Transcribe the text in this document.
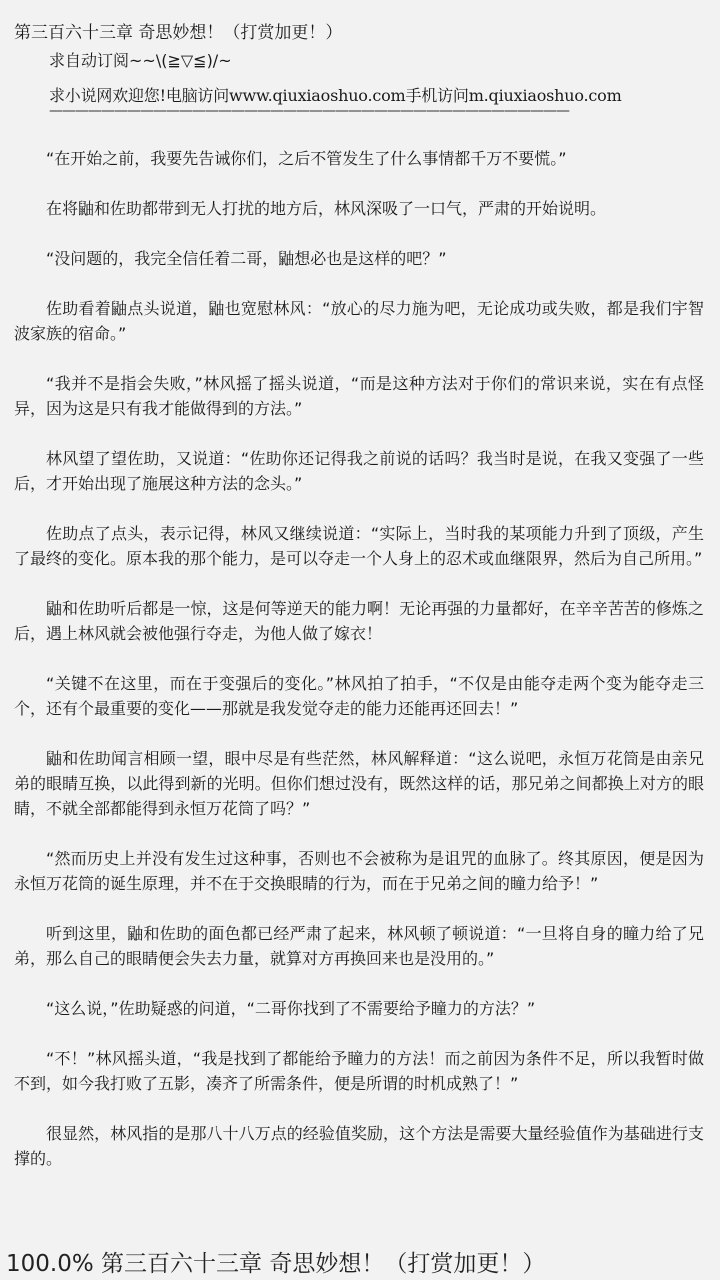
第三百六十三章 奇思妙想！（打赏加更！）
求自动订阅~~\(≧▽≦)/~
求小说网欢迎您!电脑访问www.qiuxiaoshuo.com手机访问m.qiuxiaoshuo.com
————————————————————————————————————————

“在开始之前，我要先告诫你们，之后不管发生了什么事情都千万不要慌。”

在将鼬和佐助都带到无人打扰的地方后，林风深吸了一口气，严肃的开始说明。

“没问题的，我完全信任着二哥，鼬想必也是这样的吧？”

佐助看着鼬点头说道，鼬也宽慰林风：“放心的尽力施为吧，无论成功或失败，都是我们宇智波家族的宿命。”

“我并不是指会失败，”林风摇了摇头说道，“而是这种方法对于你们的常识来说，实在有点怪异，因为这是只有我才能做得到的方法。”

林风望了望佐助，又说道：“佐助你还记得我之前说的话吗？我当时是说，在我又变强了一些后，才开始出现了施展这种方法的念头。”

佐助点了点头，表示记得，林风又继续说道：“实际上，当时我的某项能力升到了顶级，产生了最终的变化。原本我的那个能力，是可以夺走一个人身上的忍术或血继限界，然后为自己所用。”

鼬和佐助听后都是一惊，这是何等逆天的能力啊！无论再强的力量都好，在辛辛苦苦的修炼之后，遇上林风就会被他强行夺走，为他人做了嫁衣！

“关键不在这里，而在于变强后的变化。”林风拍了拍手，“不仅是由能夺走两个变为能夺走三个，还有个最重要的变化——那就是我发觉夺走的能力还能再还回去！”

鼬和佐助闻言相顾一望，眼中尽是有些茫然，林风解释道：“这么说吧，永恒万花筒是由亲兄弟的眼睛互换，以此得到新的光明。但你们想过没有，既然这样的话，那兄弟之间都换上对方的眼睛，不就全部都能得到永恒万花筒了吗？”

“然而历史上并没有发生过这种事，否则也不会被称为是诅咒的血脉了。终其原因，便是因为永恒万花筒的诞生原理，并不在于交换眼睛的行为，而在于兄弟之间的瞳力给予！”

听到这里，鼬和佐助的面色都已经严肃了起来，林风顿了顿说道：“一旦将自身的瞳力给了兄弟，那么自己的眼睛便会失去力量，就算对方再换回来也是没用的。”

“这么说，”佐助疑惑的问道，“二哥你找到了不需要给予瞳力的方法？”

“不！”林风摇头道，“我是找到了都能给予瞳力的方法！而之前因为条件不足，所以我暂时做不到，如今我打败了五影，凑齐了所需条件，便是所谓的时机成熟了！”

很显然，林风指的是那八十八万点的经验值奖励，这个方法是需要大量经验值作为基础进行支撑的。

100.0% 第三百六十三章 奇思妙想！（打赏加更！）
